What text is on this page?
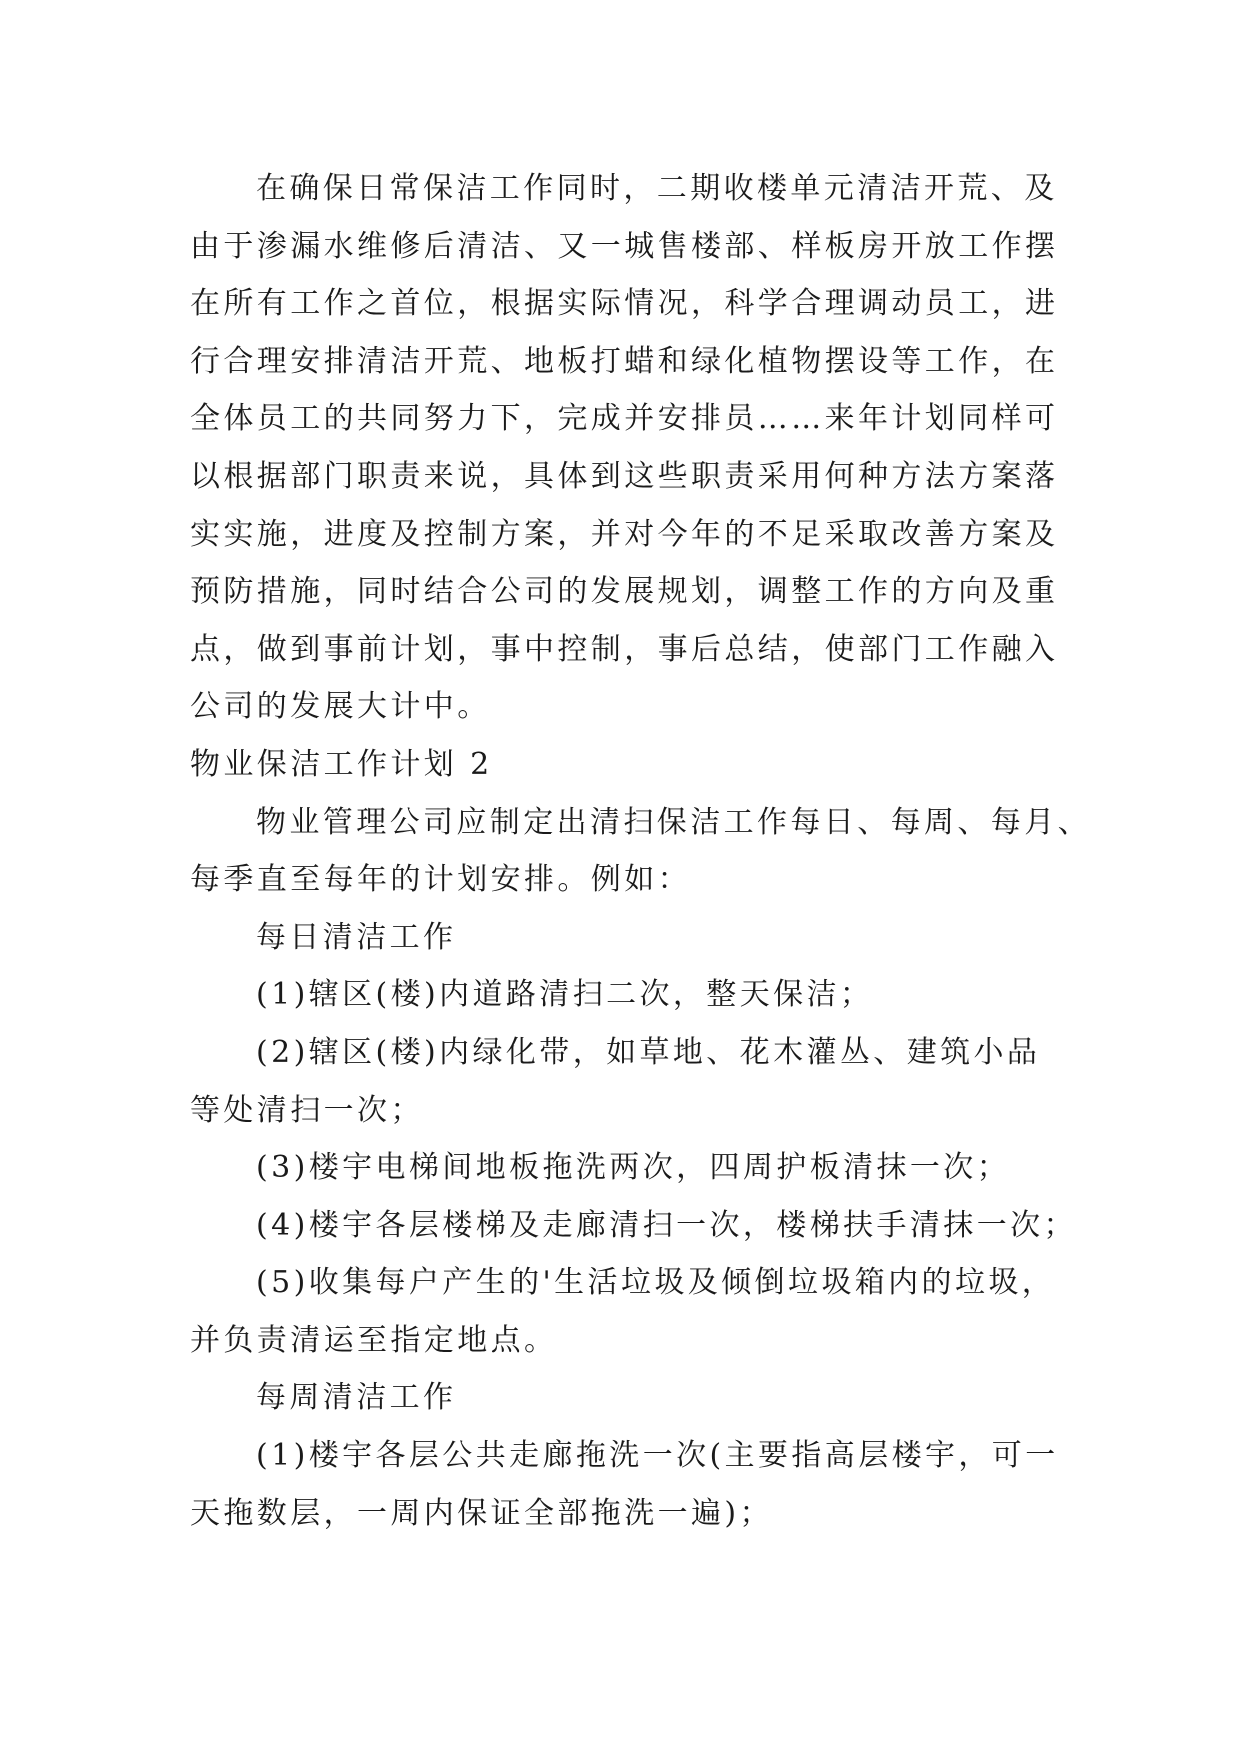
在确保日常保洁工作同时，二期收楼单元清洁开荒、及
由于渗漏水维修后清洁、又一城售楼部、样板房开放工作摆
在所有工作之首位，根据实际情况，科学合理调动员工，进
行合理安排清洁开荒、地板打蜡和绿化植物摆设等工作，在
全体员工的共同努力下，完成并安排员……来年计划同样可
以根据部门职责来说，具体到这些职责采用何种方法方案落
实实施，进度及控制方案，并对今年的不足采取改善方案及
预防措施，同时结合公司的发展规划，调整工作的方向及重
点，做到事前计划，事中控制，事后总结，使部门工作融入
公司的发展大计中。
物业保洁工作计划 2
物业管理公司应制定出清扫保洁工作每日、每周、每月、
每季直至每年的计划安排。例如：
每日清洁工作
(1)辖区(楼)内道路清扫二次，整天保洁；
(2)辖区(楼)内绿化带，如草地、花木灌丛、建筑小品
等处清扫一次；
(3)楼宇电梯间地板拖洗两次，四周护板清抹一次；
(4)楼宇各层楼梯及走廊清扫一次，楼梯扶手清抹一次；
(5)收集每户产生的'生活垃圾及倾倒垃圾箱内的垃圾，
并负责清运至指定地点。
每周清洁工作
(1)楼宇各层公共走廊拖洗一次(主要指高层楼宇，可一
天拖数层，一周内保证全部拖洗一遍)；
